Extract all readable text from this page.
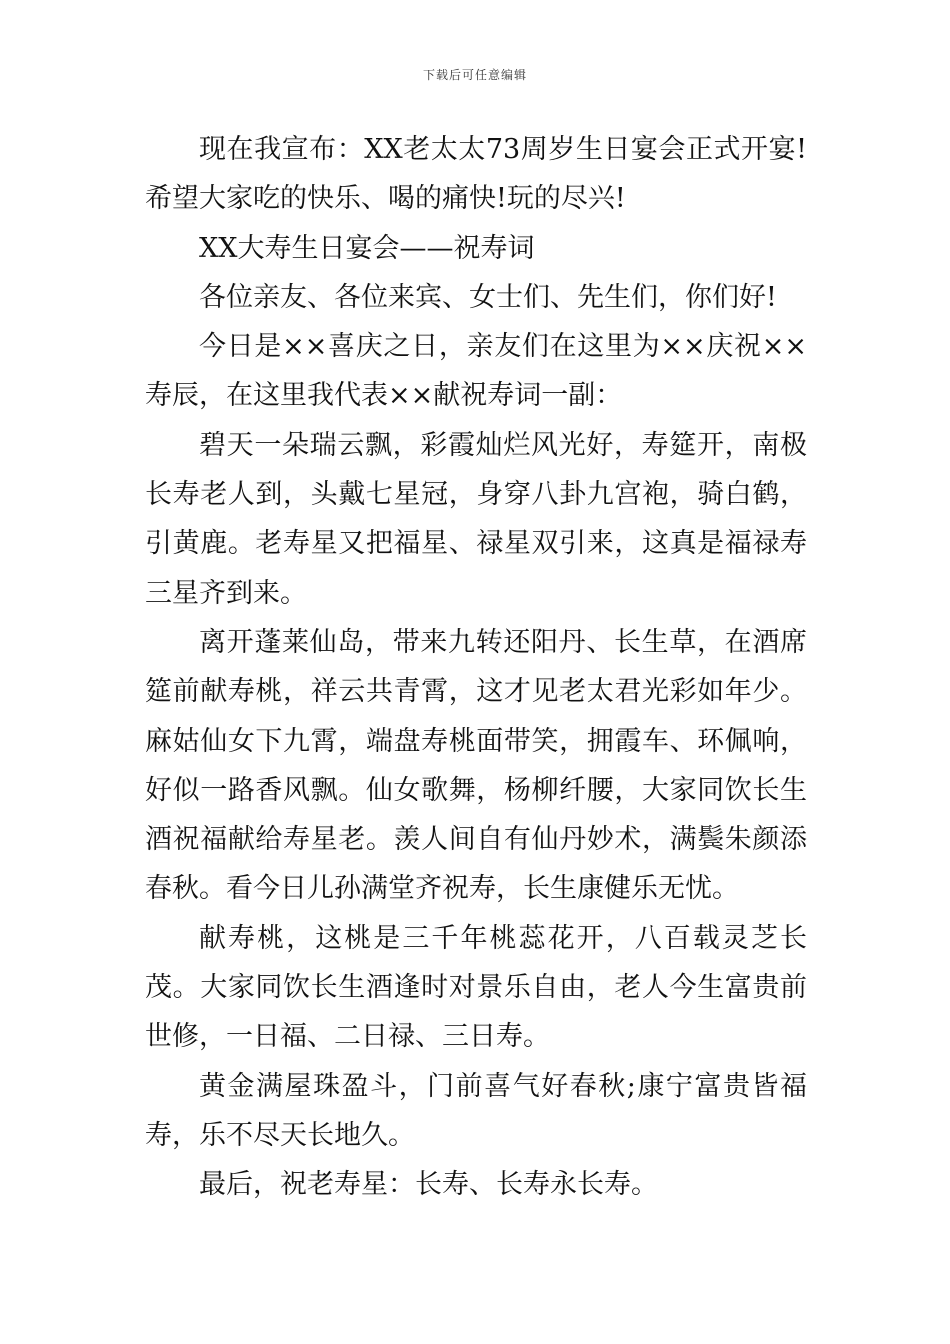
下载后可任意编辑

现在我宣布：XX老太太73周岁生日宴会正式开宴!希望大家吃的快乐、喝的痛快!玩的尽兴!

XX大寿生日宴会——祝寿词

各位亲友、各位来宾、女士们、先生们，你们好!

今日是××喜庆之日，亲友们在这里为××庆祝××寿辰，在这里我代表××献祝寿词一副：

碧天一朵瑞云飘，彩霞灿烂风光好，寿筵开，南极长寿老人到，头戴七星冠，身穿八卦九宫袍，骑白鹤，引黄鹿。老寿星又把福星、禄星双引来，这真是福禄寿三星齐到来。

离开蓬莱仙岛，带来九转还阳丹、长生草，在酒席筵前献寿桃，祥云共青霄，这才见老太君光彩如年少。麻姑仙女下九霄，端盘寿桃面带笑，拥霞车、环佩响，好似一路香风飘。仙女歌舞，杨柳纤腰，大家同饮长生酒祝福献给寿星老。羡人间自有仙丹妙术，满鬓朱颜添春秋。看今日儿孙满堂齐祝寿，长生康健乐无忧。

献寿桃，这桃是三千年桃蕊花开，八百载灵芝长茂。大家同饮长生酒逢时对景乐自由，老人今生富贵前世修，一日福、二日禄、三日寿。

黄金满屋珠盈斗，门前喜气好春秋;康宁富贵皆福寿，乐不尽天长地久。

最后，祝老寿星：长寿、长寿永长寿。
